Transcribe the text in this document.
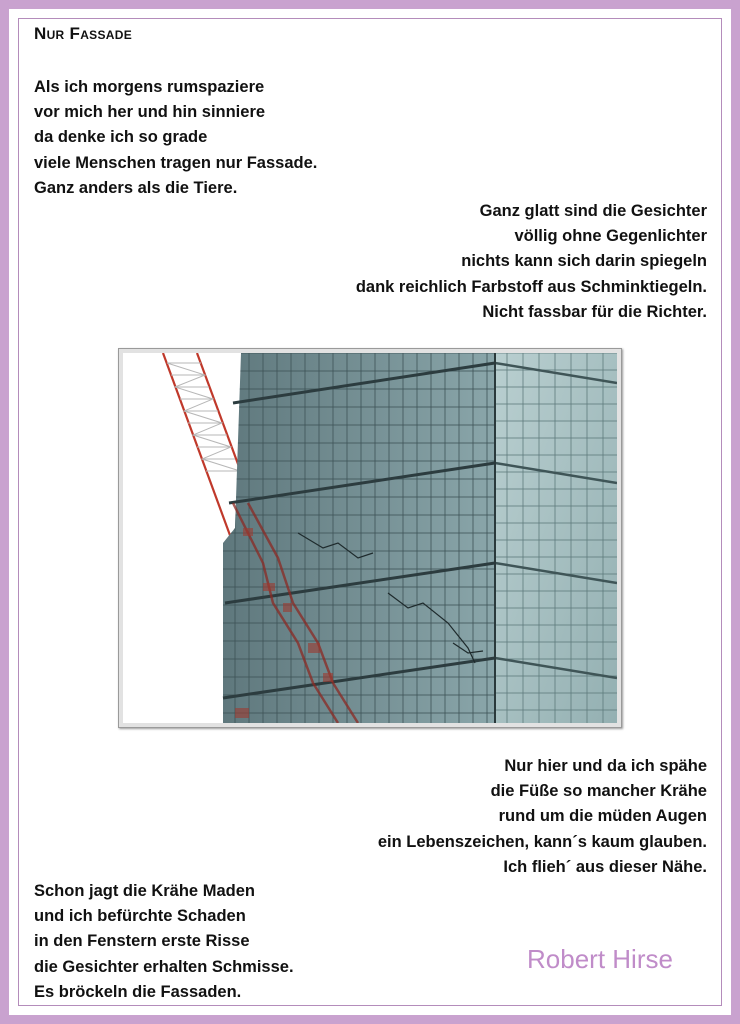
Nur Fassade
Als ich morgens rumspaziere
vor mich her und hin sinniere
da denke ich so grade
viele Menschen tragen nur Fassade.
Ganz anders als die Tiere.
Ganz glatt sind die Gesichter
völlig ohne Gegenlichter
nichts kann sich darin spiegeln
dank reichlich Farbstoff aus Schminktiegeln.
Nicht fassbar für die Richter.
Nur hier und da ich spähe
die Füße so mancher Krähe
rund um die müden Augen
ein Lebenszeichen, kann´s kaum glauben.
Ich flieh´ aus dieser Nähe.
Schon jagt die Krähe Maden
und ich befürchte Schaden
in den Fenstern erste Risse
die Gesichter erhalten Schmisse.
Es bröckeln die Fassaden.
Robert Hirse
